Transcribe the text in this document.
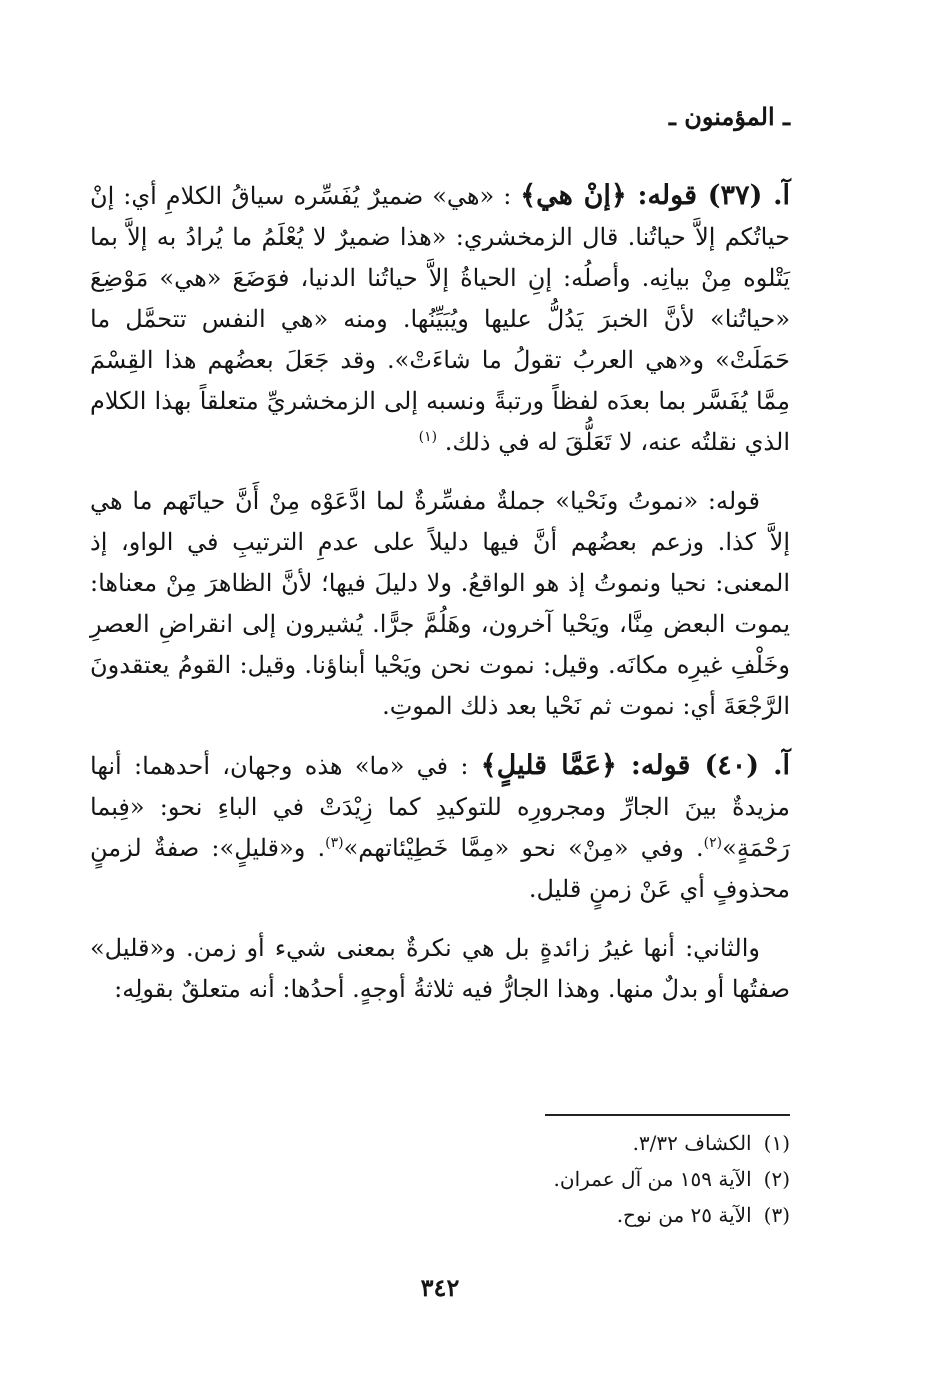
ـ المؤمنون ـ

آ. (٣٧) قوله: ﴿إنْ هي﴾ : «هي» ضميرٌ يُفَسِّره سياقُ الكلامِ أي: إنْ حياتُكم إلاَّ حياتُنا. قال الزمخشري: «هذا ضميرٌ لا يُعْلَمُ ما يُرادُ به إلاَّ بما يَتْلوه مِنْ بيانِه. وأصلُه: إنِ الحياةُ إلاَّ حياتُنا الدنيا، فوَضَعَ «هي» مَوْضِعَ «حياتُنا» لأنَّ الخبرَ يَدُلُّ عليها ويُبَيِّنُها. ومنه «هي النفس تتحمَّل ما حَمَلَتْ» و«هي العربُ تقولُ ما شاءَتْ». وقد جَعَلَ بعضُهم هذا القِسْمَ مِمَّا يُفَسَّر بما بعدَه لفظاً ورتبةً ونسبه إلى الزمخشريِّ متعلقاً بهذا الكلام الذي نقلتُه عنه، لا تَعَلُّقَ له في ذلك. $^{(١)}$

قوله: «نموتُ ونَحْيا» جملةٌ مفسِّرةٌ لما ادَّعَوْه مِنْ أَنَّ حياتَهم ما هي إلاَّ كذا. وزعم بعضُهم أنَّ فيها دليلاً على عدمِ الترتيبِ في الواو، إذ المعنى: نحيا ونموتُ إذ هو الواقعُ. ولا دليلَ فيها؛ لأنَّ الظاهرَ مِنْ معناها: يموت البعض مِنَّا، ويَحْيا آخرون، وهَلُمَّ جرًّا. يُشيرون إلى انقراضِ العصرِ وخَلْفِ غيرِه مكانَه. وقيل: نموت نحن ويَحْيا أبناؤنا. وقيل: القومُ يعتقدونَ الرَّجْعَةَ أي: نموت ثم نَحْيا بعد ذلك الموتِ.

آ. (٤٠) قوله: ﴿عَمَّا قليلٍ﴾ : في «ما» هذه وجهان، أحدهما: أنها مزيدةٌ بينَ الجارِّ ومجرورِه للتوكيدِ كما زِيْدَتْ في الباءِ نحو: «فِبما رَحْمَةٍ»$^{(٢)}$. وفي «مِنْ» نحو «مِمَّا خَطِيْئاتهم»$^{(٣)}$. و«قليلٍ»: صفةٌ لزمنٍ محذوفٍ أي عَنْ زمنٍ قليل.

والثاني: أنها غيرُ زائدةٍ بل هي نكرةٌ بمعنى شيء أو زمن. و«قليل» صفتُها أو بدلٌ منها. وهذا الجارُّ فيه ثلاثةُ أوجهٍ. أحدُها: أنه متعلقٌ بقولِه:

(١)الكشاف ٣/٣٢.
(٢)الآية ١٥٩ من آل عمران.
(٣)الآية ٢٥ من نوح.
٣٤٢
